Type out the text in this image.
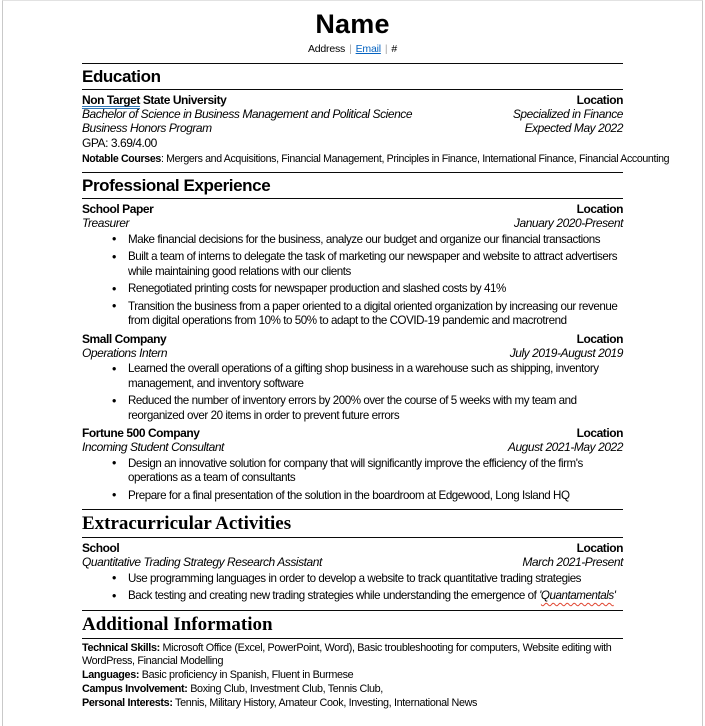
Name
Address | Email | #
Education
Non Target State University	Location
Bachelor of Science in Business Management and Political Science	Specialized in Finance
Business Honors Program	Expected May 2022
GPA: 3.69/4.00
Notable Courses: Mergers and Acquisitions, Financial Management, Principles in Finance, International Finance, Financial Accounting
Professional Experience
School Paper	Location
Treasurer	January 2020-Present
• Make financial decisions for the business, analyze our budget and organize our financial transactions
• Built a team of interns to delegate the task of marketing our newspaper and website to attract advertisers while maintaining good relations with our clients
• Renegotiated printing costs for newspaper production and slashed costs by 41%
• Transition the business from a paper oriented to a digital oriented organization by increasing our revenue from digital operations from 10% to 50% to adapt to the COVID-19 pandemic and macrotrend
Small Company	Location
Operations Intern	July 2019-August 2019
• Learned the overall operations of a gifting shop business in a warehouse such as shipping, inventory management, and inventory software
• Reduced the number of inventory errors by 200% over the course of 5 weeks with my team and reorganized over 20 items in order to prevent future errors
Fortune 500 Company	Location
Incoming Student Consultant	August 2021-May 2022
• Design an innovative solution for company that will significantly improve the efficiency of the firm's operations as a team of consultants
• Prepare for a final presentation of the solution in the boardroom at Edgewood, Long Island HQ
Extracurricular Activities
School	Location
Quantitative Trading Strategy Research Assistant	March 2021-Present
• Use programming languages in order to develop a website to track quantitative trading strategies
• Back testing and creating new trading strategies while understanding the emergence of 'Quantamentals'
Additional Information
Technical Skills: Microsoft Office (Excel, PowerPoint, Word), Basic troubleshooting for computers, Website editing with WordPress, Financial Modelling
Languages: Basic proficiency in Spanish, Fluent in Burmese
Campus Involvement: Boxing Club, Investment Club, Tennis Club,
Personal Interests: Tennis, Military History, Amateur Cook, Investing, International News
